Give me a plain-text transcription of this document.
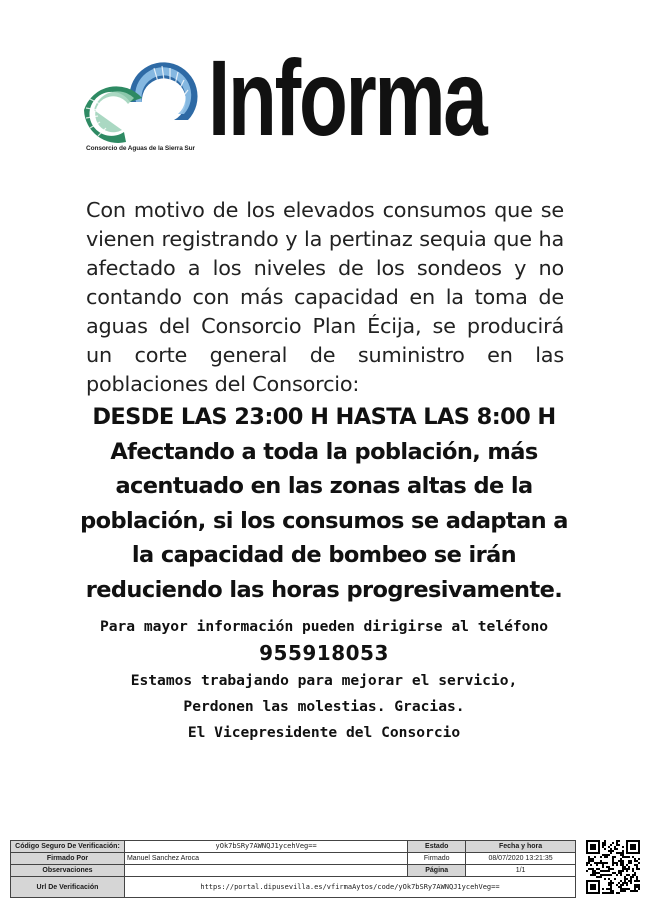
Consorcio de Aguas de la Sierra Sur Informa
Con motivo de los elevados consumos que se vienen registrando y la pertinaz sequia que ha afectado a los niveles de los sondeos y no contando con más capacidad en la toma de aguas del Consorcio Plan Écija, se producirá un corte general de suministro en las poblaciones del Consorcio:
DESDE LAS 23:00 H HASTA LAS 8:00 H
Afectando a toda la población, más
acentuado en las zonas altas de la
población, si los consumos se adaptan a
la capacidad de bombeo se irán
reduciendo las horas progresivamente.
Para mayor información pueden dirigirse al teléfono
955918053
Estamos trabajando para mejorar el servicio,
Perdonen las molestias. Gracias.
El Vicepresidente del Consorcio
Código Seguro De Verificación:	yOk7bSRy7AWNQJ1ycehVeg==	Estado	Fecha y hora
Firmado Por	Manuel Sanchez Aroca	Firmado	08/07/2020 13:21:35
Observaciones		Página	1/1
Url De Verificación	https://portal.dipusevilla.es/vfirmaAytos/code/yOk7bSRy7AWNQJ1ycehVeg==		
